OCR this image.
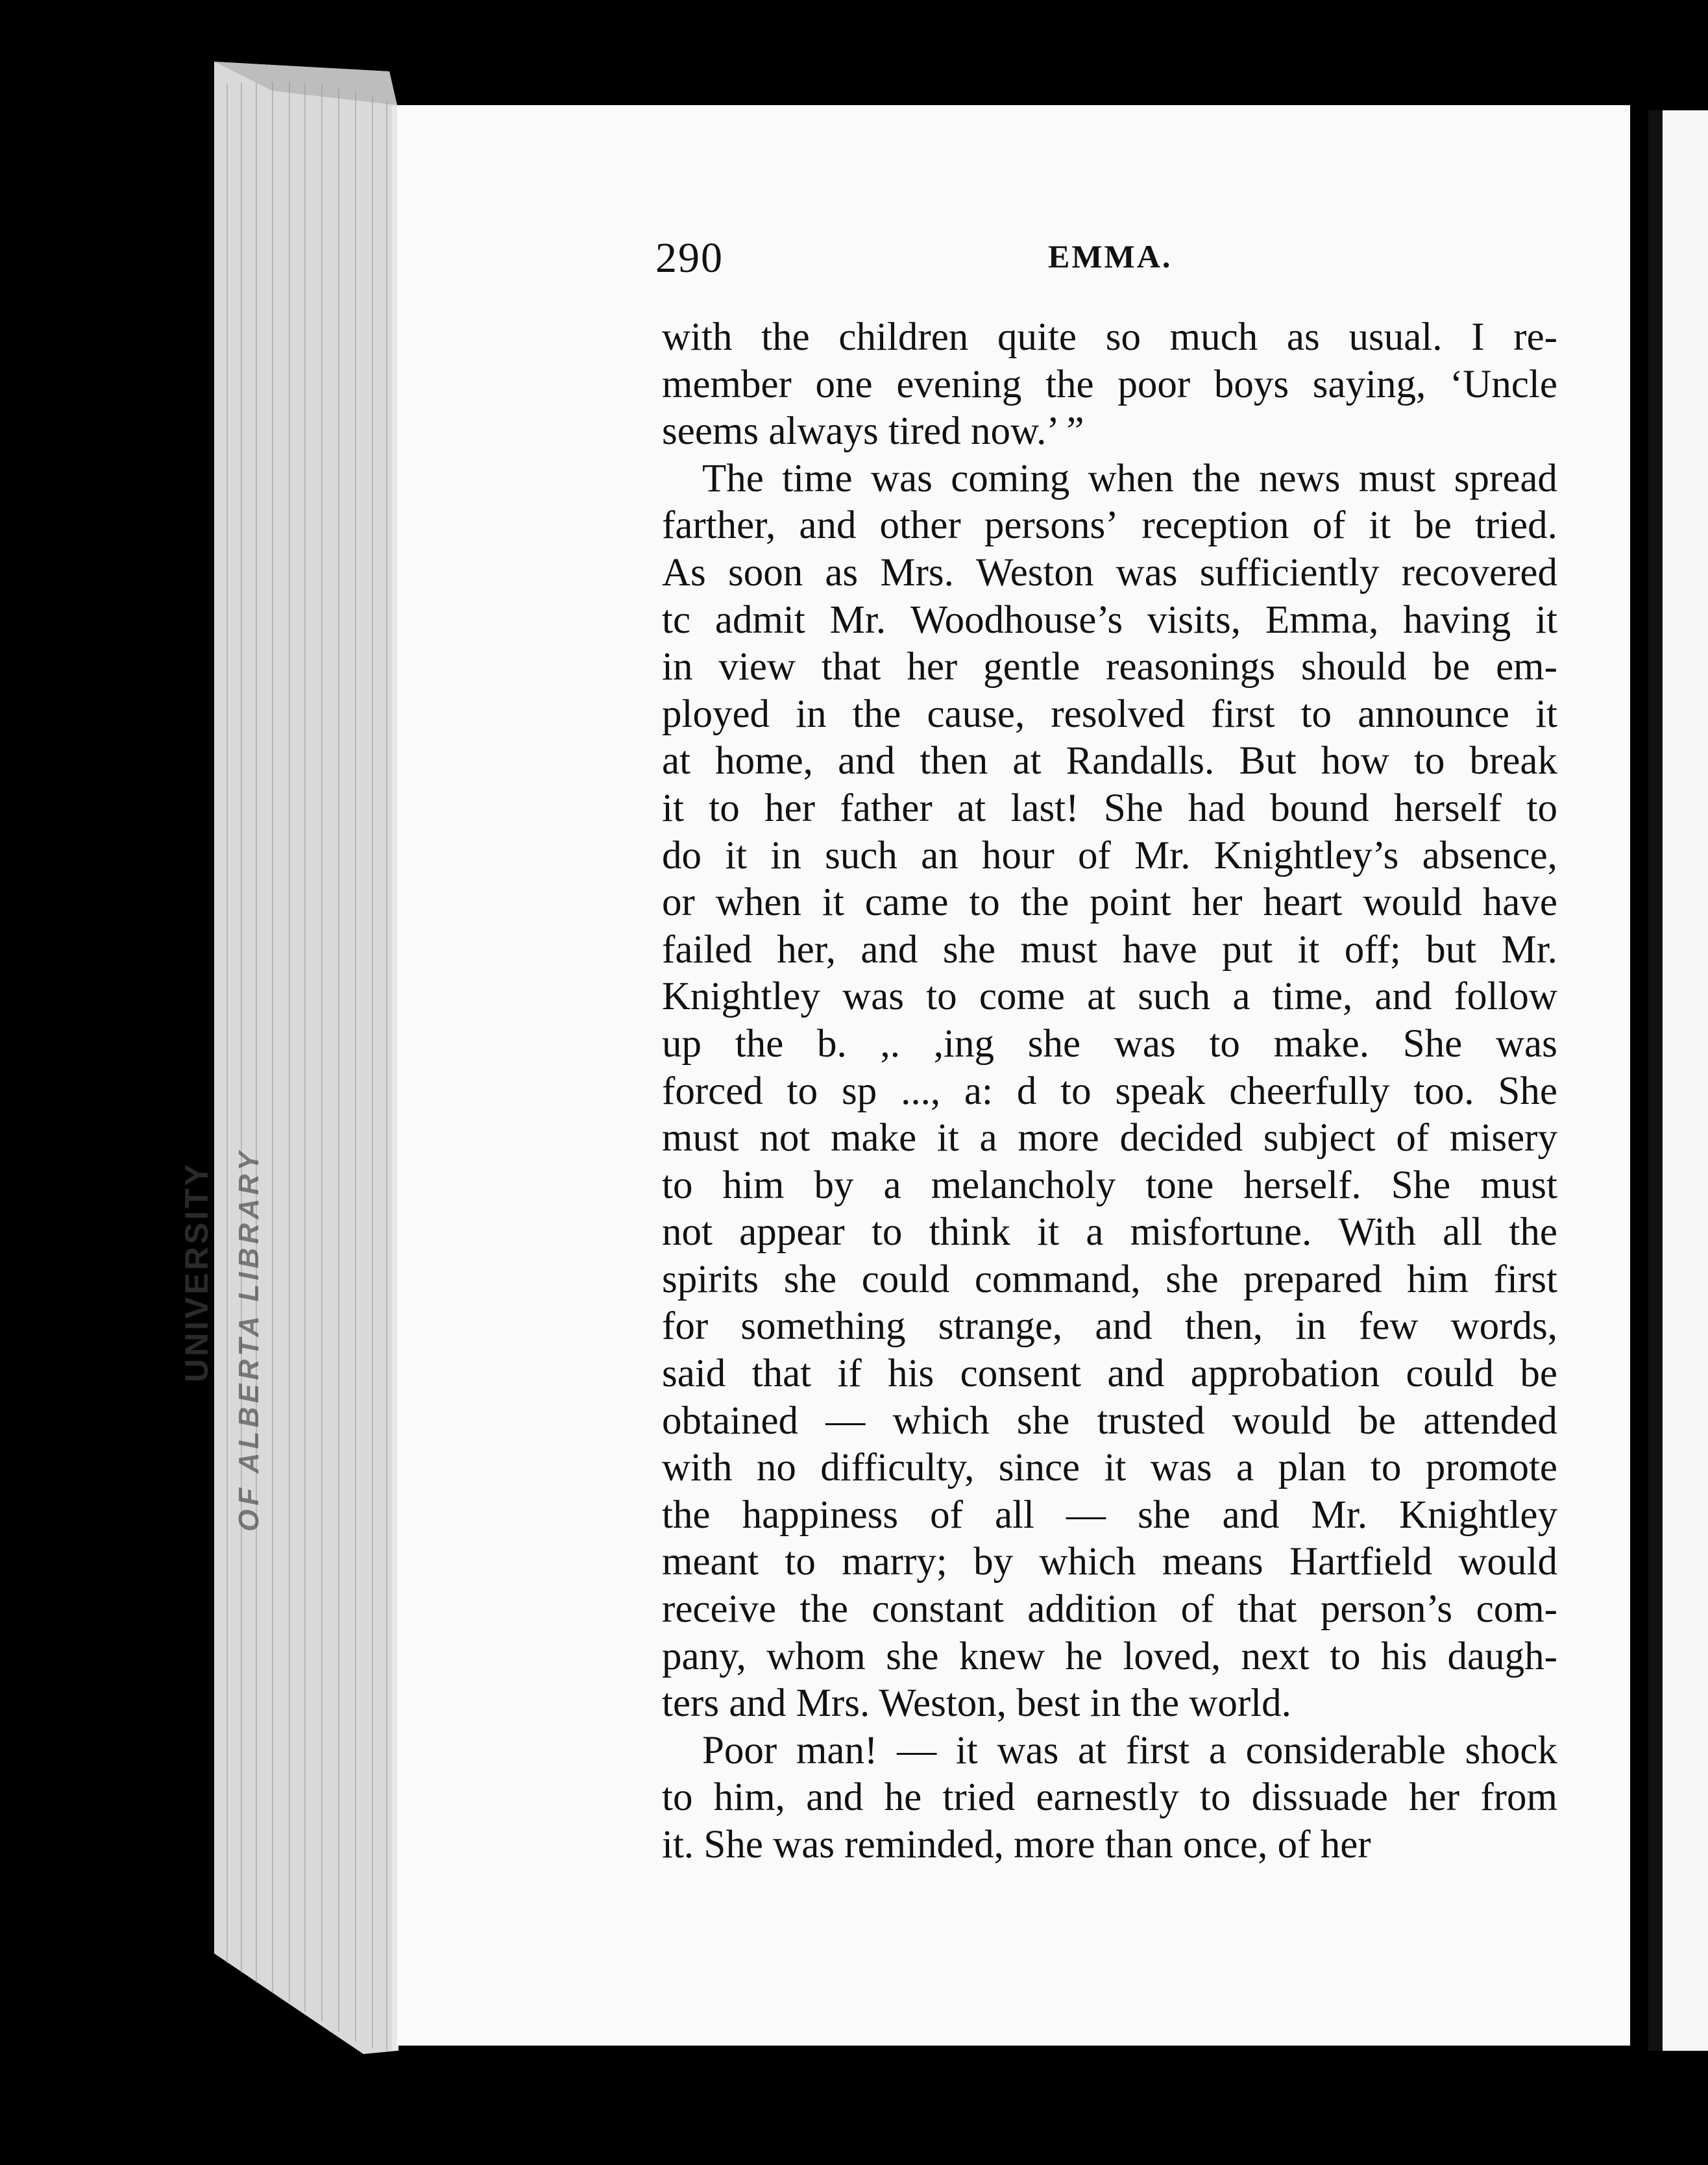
UNIVERSITY OF ALBERTA LIBRARY
290	EMMA.
with the children quite so much as usual. I re-
member one evening the poor boys saying, ‘Uncle
seems always tired now.’ ”
The time was coming when the news must spread
farther, and other persons’ reception of it be tried.
As soon as Mrs. Weston was sufficiently recovered
tc admit Mr. Woodhouse’s visits, Emma, having it
in view that her gentle reasonings should be em-
ployed in the cause, resolved first to announce it
at home, and then at Randalls. But how to break
it to her father at last! She had bound herself to
do it in such an hour of Mr. Knightley’s absence,
or when it came to the point her heart would have
failed her, and she must have put it off; but Mr.
Knightley was to come at such a time, and follow
up the b. ,. ,ing she was to make. She was
forced to sp ..., a: d to speak cheerfully too. She
must not make it a more decided subject of misery
to him by a melancholy tone herself. She must
not appear to think it a misfortune. With all the
spirits she could command, she prepared him first
for something strange, and then, in few words,
said that if his consent and approbation could be
obtained — which she trusted would be attended
with no difficulty, since it was a plan to promote
the happiness of all — she and Mr. Knightley
meant to marry; by which means Hartfield would
receive the constant addition of that person’s com-
pany, whom she knew he loved, next to his daugh-
ters and Mrs. Weston, best in the world.
Poor man! — it was at first a considerable shock
to him, and he tried earnestly to dissuade her from
it. She was reminded, more than once, of her
